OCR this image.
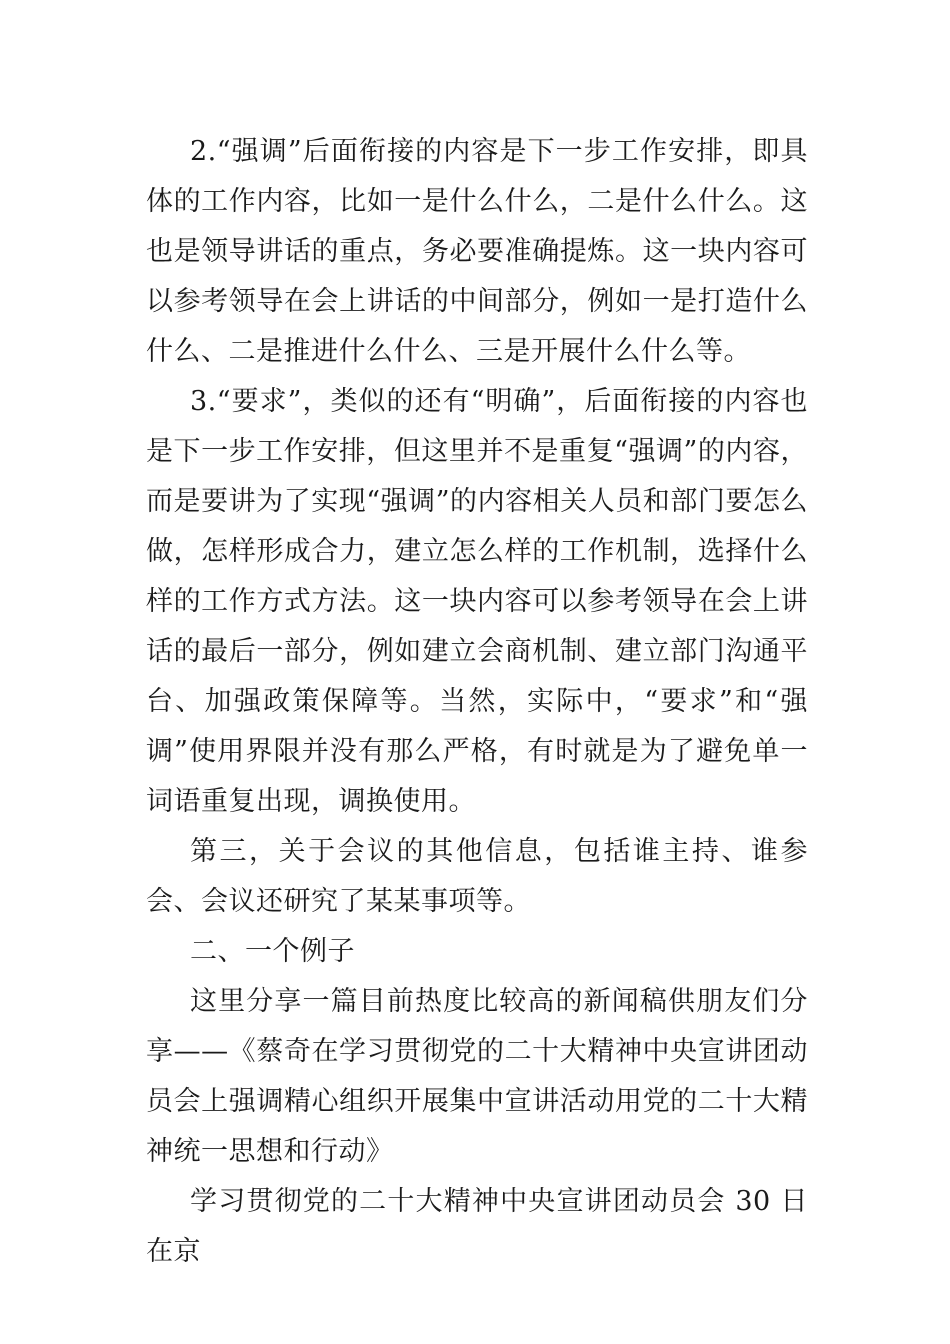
2.“强调”后面衔接的内容是下一步工作安排，即具体的工作内容，比如一是什么什么，二是什么什么。这也是领导讲话的重点，务必要准确提炼。这一块内容可以参考领导在会上讲话的中间部分，例如一是打造什么什么、二是推进什么什么、三是开展什么什么等。

3.“要求”，类似的还有“明确”，后面衔接的内容也是下一步工作安排，但这里并不是重复“强调”的内容，而是要讲为了实现“强调”的内容相关人员和部门要怎么做，怎样形成合力，建立怎么样的工作机制，选择什么样的工作方式方法。这一块内容可以参考领导在会上讲话的最后一部分，例如建立会商机制、建立部门沟通平台、加强政策保障等。当然，实际中，“要求”和“强调”使用界限并没有那么严格，有时就是为了避免单一词语重复出现，调换使用。

第三，关于会议的其他信息，包括谁主持、谁参会、会议还研究了某某事项等。

二、一个例子

这里分享一篇目前热度比较高的新闻稿供朋友们分享——《蔡奇在学习贯彻党的二十大精神中央宣讲团动员会上强调精心组织开展集中宣讲活动用党的二十大精神统一思想和行动》

学习贯彻党的二十大精神中央宣讲团动员会 30 日在京
